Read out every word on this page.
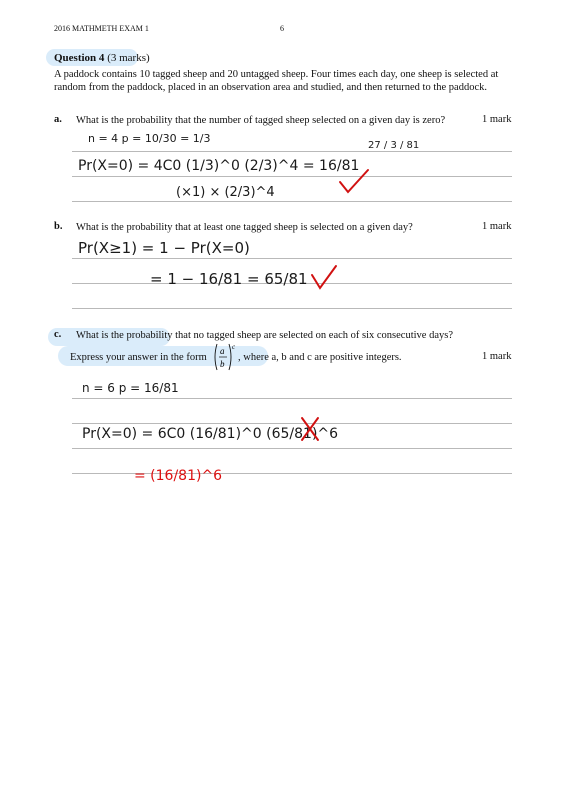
2016 MATHMETH EXAM 1	6
Question 4 (3 marks)
A paddock contains 10 tagged sheep and 20 untagged sheep. Four times each day, one sheep is selected at random from the paddock, placed in an observation area and studied, and then returned to the paddock.
a. What is the probability that the number of tagged sheep selected on a given day is zero?	1 mark
b. What is the probability that at least one tagged sheep is selected on a given day?	1 mark
c. What is the probability that no tagged sheep are selected on each of six consecutive days?
Express your answer in the form
a
b
c
, where a, b and c are positive integers.	1 mark
n = 4 p = 10/30 = 1/3
Pr(X=0) = 4C0 (1/3)^0 (2/3)^4 = 16/81
(×1) × (2/3)^4
27 / 3 / 81
Pr(X≥1) = 1 − Pr(X=0)
= 1 − 16/81 = 65/81
n = 6 p = 16/81
Pr(X=0) = 6C0 (16/81)^0 (65/81)^6
= (16/81)^6
